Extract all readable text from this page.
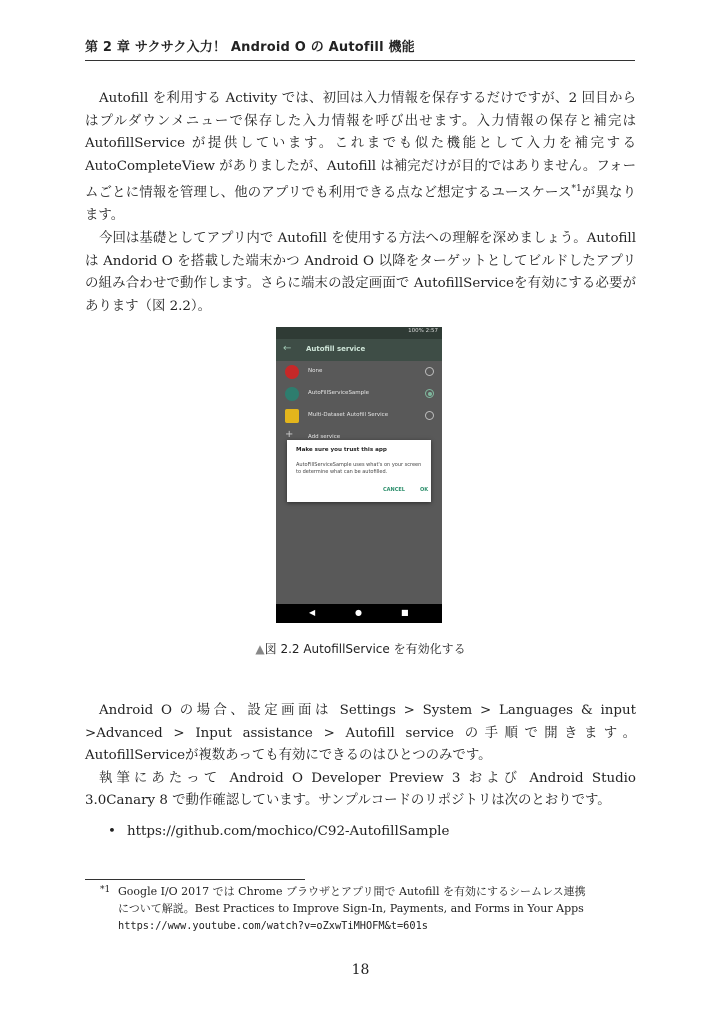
第 2 章 サクサク入力！ Android O の Autofill 機能

Autofill を利用する Activity では、初回は入力情報を保存するだけですが、2 回目からはプルダウンメニューで保存した入力情報を呼び出せます。入力情報の保存と補完は AutofillService が提供しています。これまでも似た機能として入力を補完する AutoCompleteView がありましたが、Autofill は補完だけが目的ではありません。フォームごとに情報を管理し、他のアプリでも利用できる点など想定するユースケース$^{*1}$が異なります。

今回は基礎としてアプリ内で Autofill を使用する方法への理解を深めましょう。Autofill は Andorid O を搭載した端末かつ Android O 以降をターゲットとしてビルドしたアプリの組み合わせで動作します。さらに端末の設定画面で AutofillServiceを有効にする必要があります（図 2.2）。

100% 2:57
← Autofill service
None
AutoFillServiceSample
Multi-Dataset Autofill Service
+	Add service
Make sure you trust this app
AutoFillServiceSample uses what's on your screen to determine what can be autofilled.
CANCEL	OK
◀	●	■
▲図 2.2 AutofillService を有効化する

Android O の場合、設定画面は Settings > System > Languages & input >Advanced > Input assistance > Autofill service の手順で開きます。AutofillServiceが複数あっても有効にできるのはひとつのみです。

執筆にあたって Android O Developer Preview 3 および Android Studio 3.0Canary 8 で動作確認しています。サンプルコードのリポジトリは次のとおりです。

• https://github.com/mochico/C92-AutofillSample
*1 Google I/O 2017 では Chrome ブラウザとアプリ間で Autofill を有効にするシームレス連携
について解説。Best Practices to Improve Sign-In, Payments, and Forms in Your Apps
https://www.youtube.com/watch?v=oZxwTiMHOFM&t=601s
18
